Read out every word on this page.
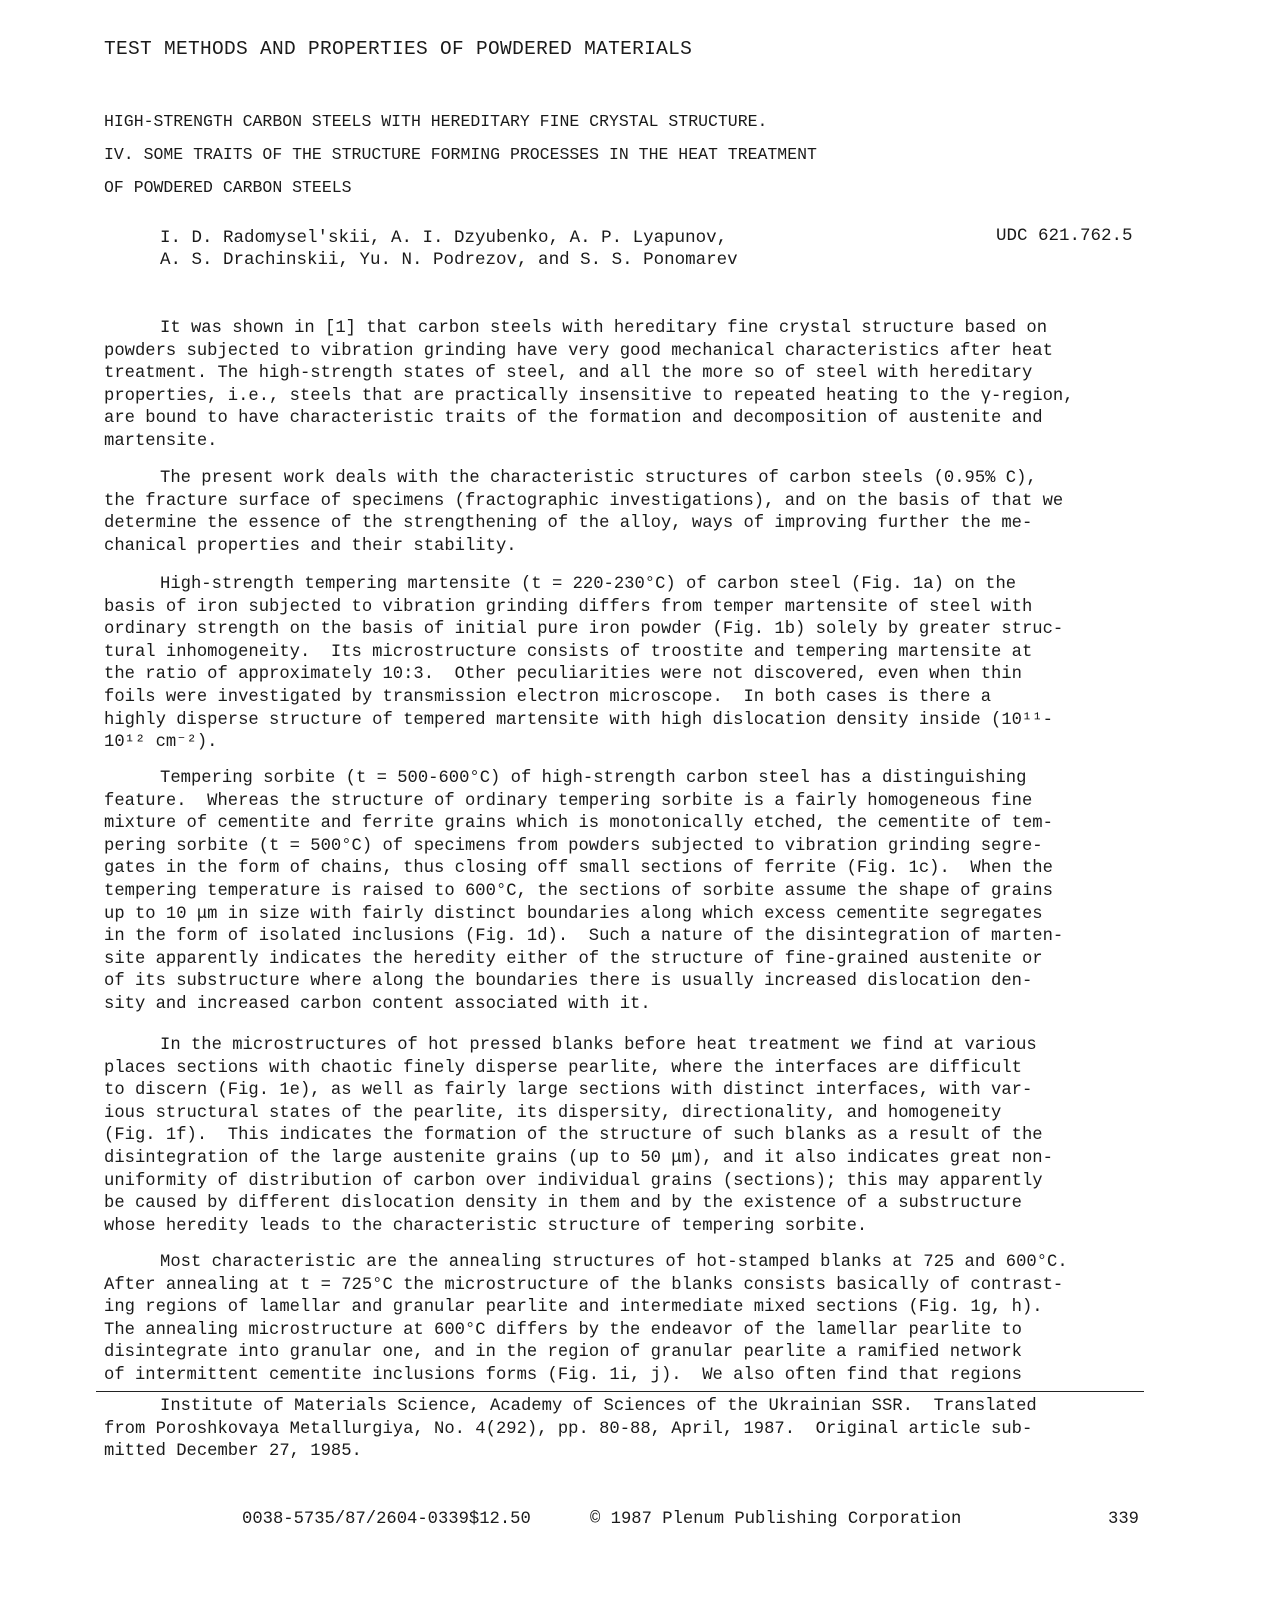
TEST METHODS AND PROPERTIES OF POWDERED MATERIALS
HIGH-STRENGTH CARBON STEELS WITH HEREDITARY FINE CRYSTAL STRUCTURE.
IV. SOME TRAITS OF THE STRUCTURE FORMING PROCESSES IN THE HEAT TREATMENT
OF POWDERED CARBON STEELS
I. D. Radomysel'skii, A. I. Dzyubenko, A. P. Lyapunov,
A. S. Drachinskii, Yu. N. Podrezov, and S. S. Ponomarev
UDC 621.762.5
It was shown in [1] that carbon steels with hereditary fine crystal structure based on
powders subjected to vibration grinding have very good mechanical characteristics after heat
treatment. The high-strength states of steel, and all the more so of steel with hereditary
properties, i.e., steels that are practically insensitive to repeated heating to the γ-region,
are bound to have characteristic traits of the formation and decomposition of austenite and
martensite.
The present work deals with the characteristic structures of carbon steels (0.95% C),
the fracture surface of specimens (fractographic investigations), and on the basis of that we
determine the essence of the strengthening of the alloy, ways of improving further the me-
chanical properties and their stability.
High-strength tempering martensite (t = 220-230°C) of carbon steel (Fig. 1a) on the
basis of iron subjected to vibration grinding differs from temper martensite of steel with
ordinary strength on the basis of initial pure iron powder (Fig. 1b) solely by greater struc-
tural inhomogeneity.  Its microstructure consists of troostite and tempering martensite at
the ratio of approximately 10:3.  Other peculiarities were not discovered, even when thin
foils were investigated by transmission electron microscope.  In both cases is there a
highly disperse structure of tempered martensite with high dislocation density inside (10¹¹-
10¹² cm⁻²).
Tempering sorbite (t = 500-600°C) of high-strength carbon steel has a distinguishing
feature.  Whereas the structure of ordinary tempering sorbite is a fairly homogeneous fine
mixture of cementite and ferrite grains which is monotonically etched, the cementite of tem-
pering sorbite (t = 500°C) of specimens from powders subjected to vibration grinding segre-
gates in the form of chains, thus closing off small sections of ferrite (Fig. 1c).  When the
tempering temperature is raised to 600°C, the sections of sorbite assume the shape of grains
up to 10 μm in size with fairly distinct boundaries along which excess cementite segregates
in the form of isolated inclusions (Fig. 1d).  Such a nature of the disintegration of marten-
site apparently indicates the heredity either of the structure of fine-grained austenite or
of its substructure where along the boundaries there is usually increased dislocation den-
sity and increased carbon content associated with it.
In the microstructures of hot pressed blanks before heat treatment we find at various
places sections with chaotic finely disperse pearlite, where the interfaces are difficult
to discern (Fig. 1e), as well as fairly large sections with distinct interfaces, with var-
ious structural states of the pearlite, its dispersity, directionality, and homogeneity
(Fig. 1f).  This indicates the formation of the structure of such blanks as a result of the
disintegration of the large austenite grains (up to 50 μm), and it also indicates great non-
uniformity of distribution of carbon over individual grains (sections); this may apparently
be caused by different dislocation density in them and by the existence of a substructure
whose heredity leads to the characteristic structure of tempering sorbite.
Most characteristic are the annealing structures of hot-stamped blanks at 725 and 600°C.
After annealing at t = 725°C the microstructure of the blanks consists basically of contrast-
ing regions of lamellar and granular pearlite and intermediate mixed sections (Fig. 1g, h).
The annealing microstructure at 600°C differs by the endeavor of the lamellar pearlite to
disintegrate into granular one, and in the region of granular pearlite a ramified network
of intermittent cementite inclusions forms (Fig. 1i, j).  We also often find that regions
Institute of Materials Science, Academy of Sciences of the Ukrainian SSR.  Translated
from Poroshkovaya Metallurgiya, No. 4(292), pp. 80-88, April, 1987.  Original article sub-
mitted December 27, 1985.
0038-5735/87/2604-0339$12.50	© 1987 Plenum Publishing Corporation	339
